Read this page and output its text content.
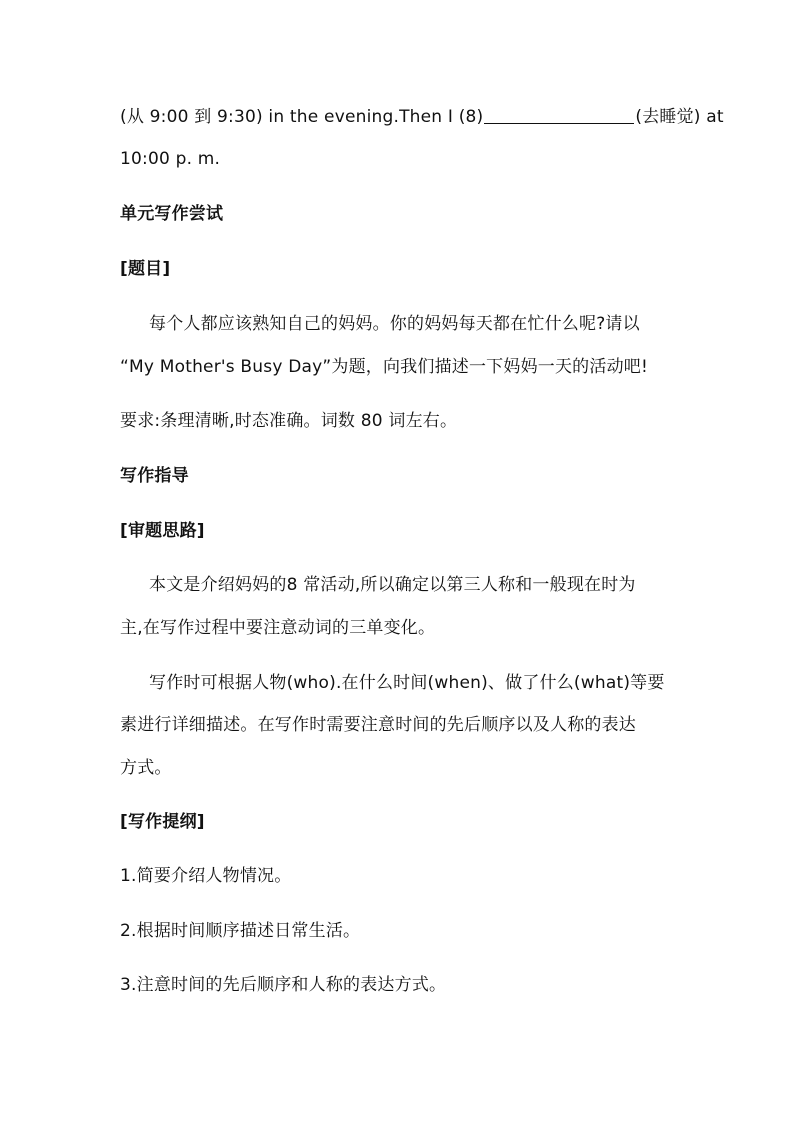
(从 9:00 到 9:30) in the evening.Then I (8)	(去睡觉) at
10:00 p. m.
单元写作尝试
[题目]
每个人都应该熟知自己的妈妈。你的妈妈每天都在忙什么呢?请以
“My Mother's Busy Day”为题，向我们描述一下妈妈一天的活动吧!
要求:条理清晰,时态准确。词数 80 词左右。
写作指导
[审题思路]
本文是介绍妈妈的8 常活动,所以确定以第三人称和一般现在时为
主,在写作过程中要注意动词的三单变化。
写作时可根据人物(who).在什么时间(when)、做了什么(what)等要
素进行详细描述。在写作时需要注意时间的先后顺序以及人称的表达
方式。
[写作提纲]
1.简要介绍人物情况。
2.根据时间顺序描述日常生活。
3.注意时间的先后顺序和人称的表达方式。
